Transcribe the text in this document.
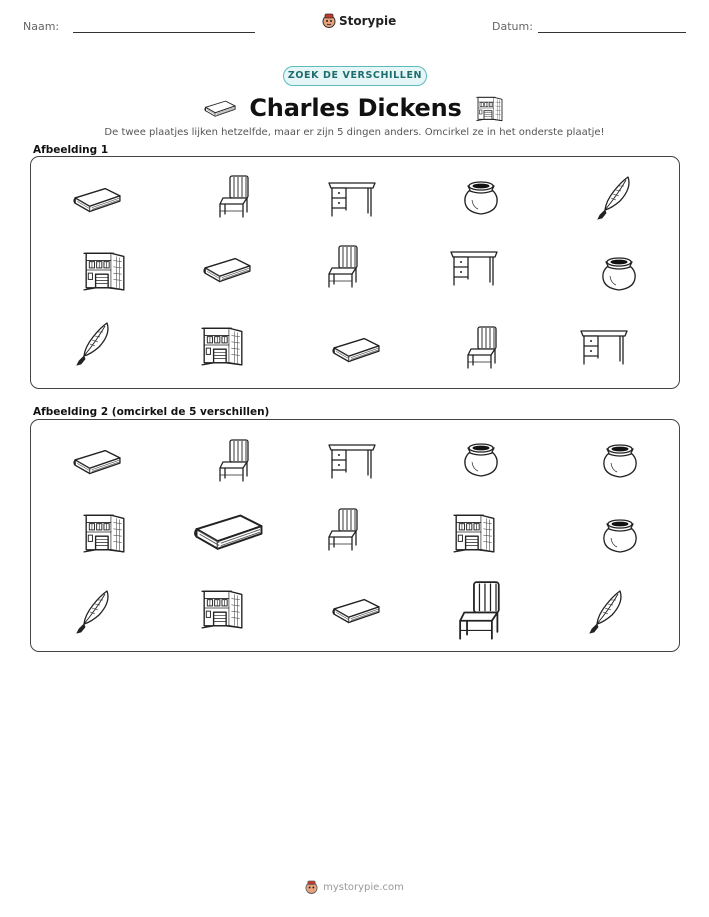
Naam:	Storypie	Datum:
ZOEK DE VERSCHILLEN
Charles Dickens
De twee plaatjes lijken hetzelfde, maar er zijn 5 dingen anders. Omcirkel ze in het onderste plaatje!
Afbeelding 1
Afbeelding 2 (omcirkel de 5 verschillen)
mystorypie.com
